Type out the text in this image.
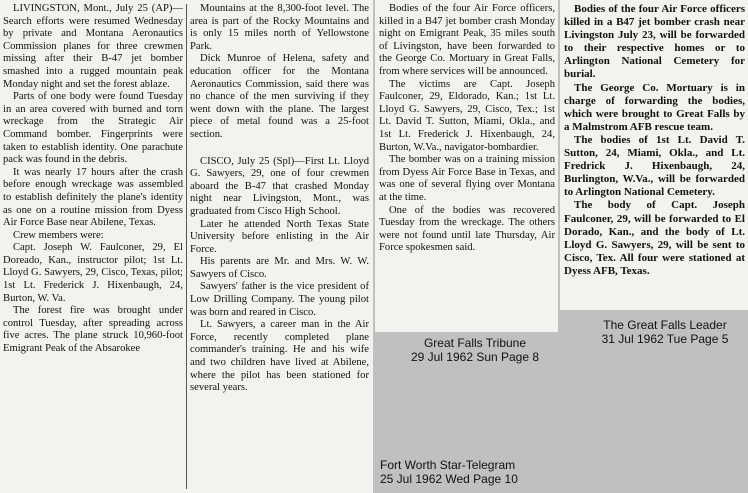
LIVINGSTON, Mont., July 25 (AP)—Search efforts were resumed Wednesday by private and Montana Aeronautics Commission planes for three crewmen missing after their B-47 jet bomber smashed into a rugged mountain peak Monday night and set the forest ablaze.

Parts of one body were found Tuesday in an area covered with burned and torn wreckage from the Strategic Air Command bomber. Fingerprints were taken to establish identity. One parachute pack was found in the debris.

It was nearly 17 hours after the crash before enough wreckage was assembled to establish definitely the plane's identity as one on a routine mission from Dyess Air Force Base near Abilene, Texas.

Crew members were:

Capt. Joseph W. Faulconer, 29, El Doreado, Kan., instructor pilot; 1st Lt. Lloyd G. Sawyers, 29, Cisco, Texas, pilot; 1st Lt. Frederick J. Hixenbaugh, 24, Burton, W. Va.

The forest fire was brought under control Tuesday, after spreading across five acres. The plane struck 10,960-foot Emigrant Peak of the Absarokee

Mountains at the 8,300-foot level. The area is part of the Rocky Mountains and is only 15 miles north of Yellowstone Park.

Dick Munroe of Helena, safety and education officer for the Montana Aeronautics Commission, said there was no chance of the men surviving if they went down with the plane. The largest piece of metal found was a 25-foot section.

CISCO, July 25 (Spl)—First Lt. Lloyd G. Sawyers, 29, one of four crewmen aboard the B-47 that crashed Monday night near Livingston, Mont., was graduated from Cisco High School.

Later he attended North Texas State University before enlisting in the Air Force.

His parents are Mr. and Mrs. W. W. Sawyers of Cisco.

Sawyers' father is the vice president of Low Drilling Company. The young pilot was born and reared in Cisco.

Lt. Sawyers, a career man in the Air Force, recently completed plane commander's training. He and his wife and two children have lived at Abilene, where the pilot has been stationed for several years.

Bodies of the four Air Force officers, killed in a B47 jet bomber crash Monday night on Emigrant Peak, 35 miles south of Livingston, have been forwarded to the George Co. Mortuary in Great Falls, from where services will be announced.

The victims are Capt. Joseph Faulconer, 29, Eldorado, Kan.; 1st Lt. Lloyd G. Sawyers, 29, Cisco, Tex.; 1st Lt. David T. Sutton, Miami, Okla., and 1st Lt. Frederick J. Hixenbaugh, 24, Burton, W.Va., navigator-bombardier.

The bomber was on a training mission from Dyess Air Force Base in Texas, and was one of several flying over Montana at the time.

One of the bodies was recovered Tuesday from the wreckage. The others were not found until late Thursday, Air Force spokesmen said.

Bodies of the four Air Force officers killed in a B47 jet bomber crash near Livingston July 23, will be forwarded to their respective homes or to Arlington National Cemetery for burial.

The George Co. Mortuary is in charge of forwarding the bodies, which were brought to Great Falls by a Malmstrom AFB rescue team.

The bodies of 1st Lt. David T. Sutton, 24, Miami, Okla., and Lt. Fredrick J. Hixenbaugh, 24, Burlington, W.Va., will be forwarded to Arlington National Cemetery.

The body of Capt. Joseph Faulconer, 29, will be forwarded to El Dorado, Kan., and the body of Lt. Lloyd G. Sawyers, 29, will be sent to Cisco, Tex. All four were stationed at Dyess AFB, Texas.

Great Falls Tribune
29 Jul 1962 Sun Page 8
The Great Falls Leader
31 Jul 1962 Tue Page 5
Fort Worth Star-Telegram
25 Jul 1962 Wed Page 10
